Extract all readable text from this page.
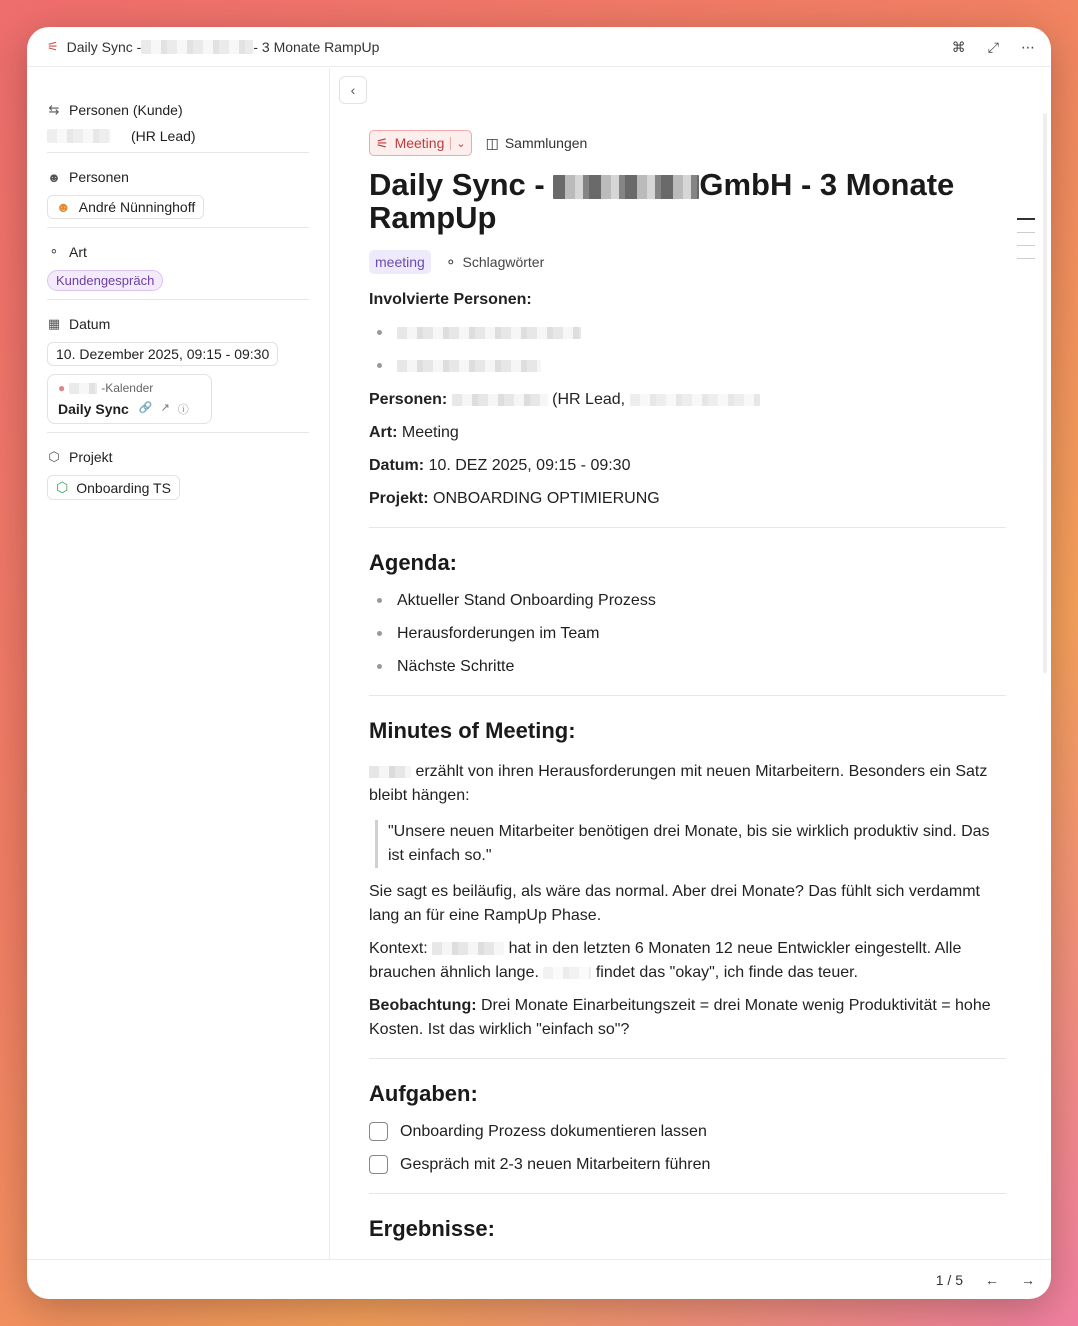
⚟ Daily Sync -	- 3 Monate RampUp	⌘ ⤢ ⋯
⇆ Personen (Kunde)
(HR Lead)
☻ Personen
☻ André Nünninghoff
⚬ Art
Kundengespräch
▦ Datum
10. Dezember 2025, 09:15 - 09:30
●	-Kalender
Daily Sync 🔗 ↗ ⓘ
⬡ Projekt
⬡ Onboarding TS
‹
⚟ Meeting	⌄	◫ Sammlungen
Daily Sync -	GmbH - 3 Monate
RampUp
meeting	⚬ Schlagwörter
Involvierte Personen:
Personen:	(HR Lead,
Art: Meeting
Datum: 10. DEZ 2025, 09:15 - 09:30
Projekt: ONBOARDING OPTIMIERUNG
Agenda:
Aktueller Stand Onboarding Prozess
Herausforderungen im Team
Nächste Schritte
Minutes of Meeting:
erzählt von ihren Herausforderungen mit neuen Mitarbeitern. Besonders ein Satz bleibt hängen:
"Unsere neuen Mitarbeiter benötigen drei Monate, bis sie wirklich produktiv sind. Das ist einfach so."
Sie sagt es beiläufig, als wäre das normal. Aber drei Monate? Das fühlt sich verdammt lang an für eine RampUp Phase.
Kontext:	hat in den letzten 6 Monaten 12 neue Entwickler eingestellt. Alle brauchen ähnlich lange.	findet das "okay", ich finde das teuer.
Beobachtung: Drei Monate Einarbeitungszeit = drei Monate wenig Produktivität = hohe Kosten. Ist das wirklich "einfach so"?
Aufgaben:
Onboarding Prozess dokumentieren lassen
Gespräch mit 2-3 neuen Mitarbeitern führen
Ergebnisse:
1 / 5 ← →
